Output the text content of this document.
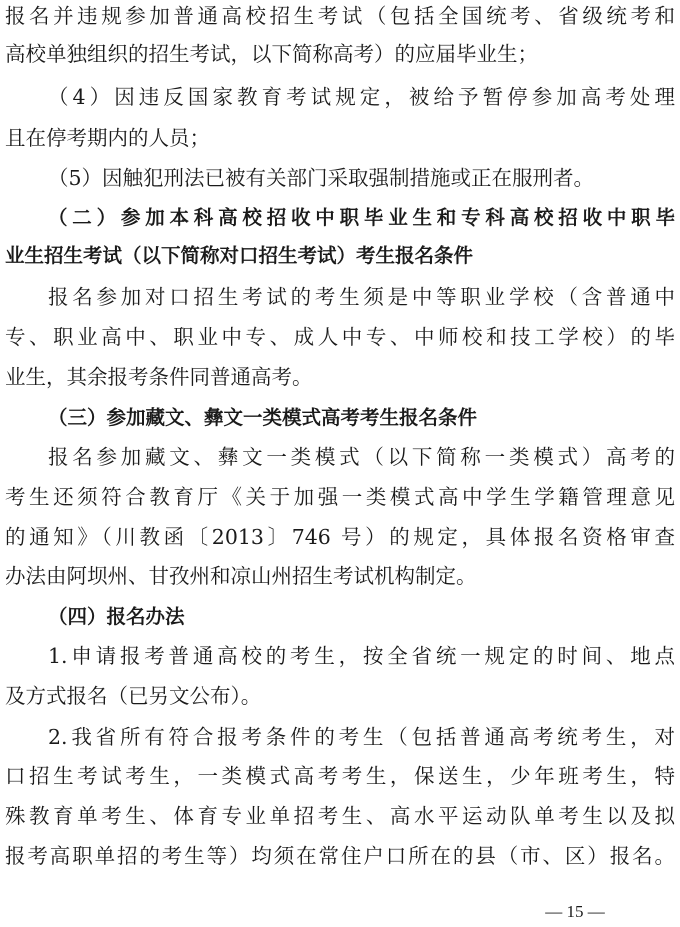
报名并违规参加普通高校招生考试（包括全国统考、省级统考和
高校单独组织的招生考试，以下简称高考）的应届毕业生；
（4）因违反国家教育考试规定，被给予暂停参加高考处理
且在停考期内的人员；
（5）因触犯刑法已被有关部门采取强制措施或正在服刑者。
（二）参加本科高校招收中职毕业生和专科高校招收中职毕
业生招生考试（以下简称对口招生考试）考生报名条件
报名参加对口招生考试的考生须是中等职业学校（含普通中
专、职业高中、职业中专、成人中专、中师校和技工学校）的毕
业生，其余报考条件同普通高考。
（三）参加藏文、彝文一类模式高考考生报名条件
报名参加藏文、彝文一类模式（以下简称一类模式）高考的
考生还须符合教育厅《关于加强一类模式高中学生学籍管理意见
的通知》（川教函〔2013〕746 号）的规定，具体报名资格审查
办法由阿坝州、甘孜州和凉山州招生考试机构制定。
（四）报名办法
1.申请报考普通高校的考生，按全省统一规定的时间、地点
及方式报名（已另文公布）。
2.我省所有符合报考条件的考生（包括普通高考统考生，对
口招生考试考生，一类模式高考考生，保送生，少年班考生，特
殊教育单考生、体育专业单招考生、高水平运动队单考生以及拟
报考高职单招的考生等）均须在常住户口所在的县（市、区）报名。
— 15 —
